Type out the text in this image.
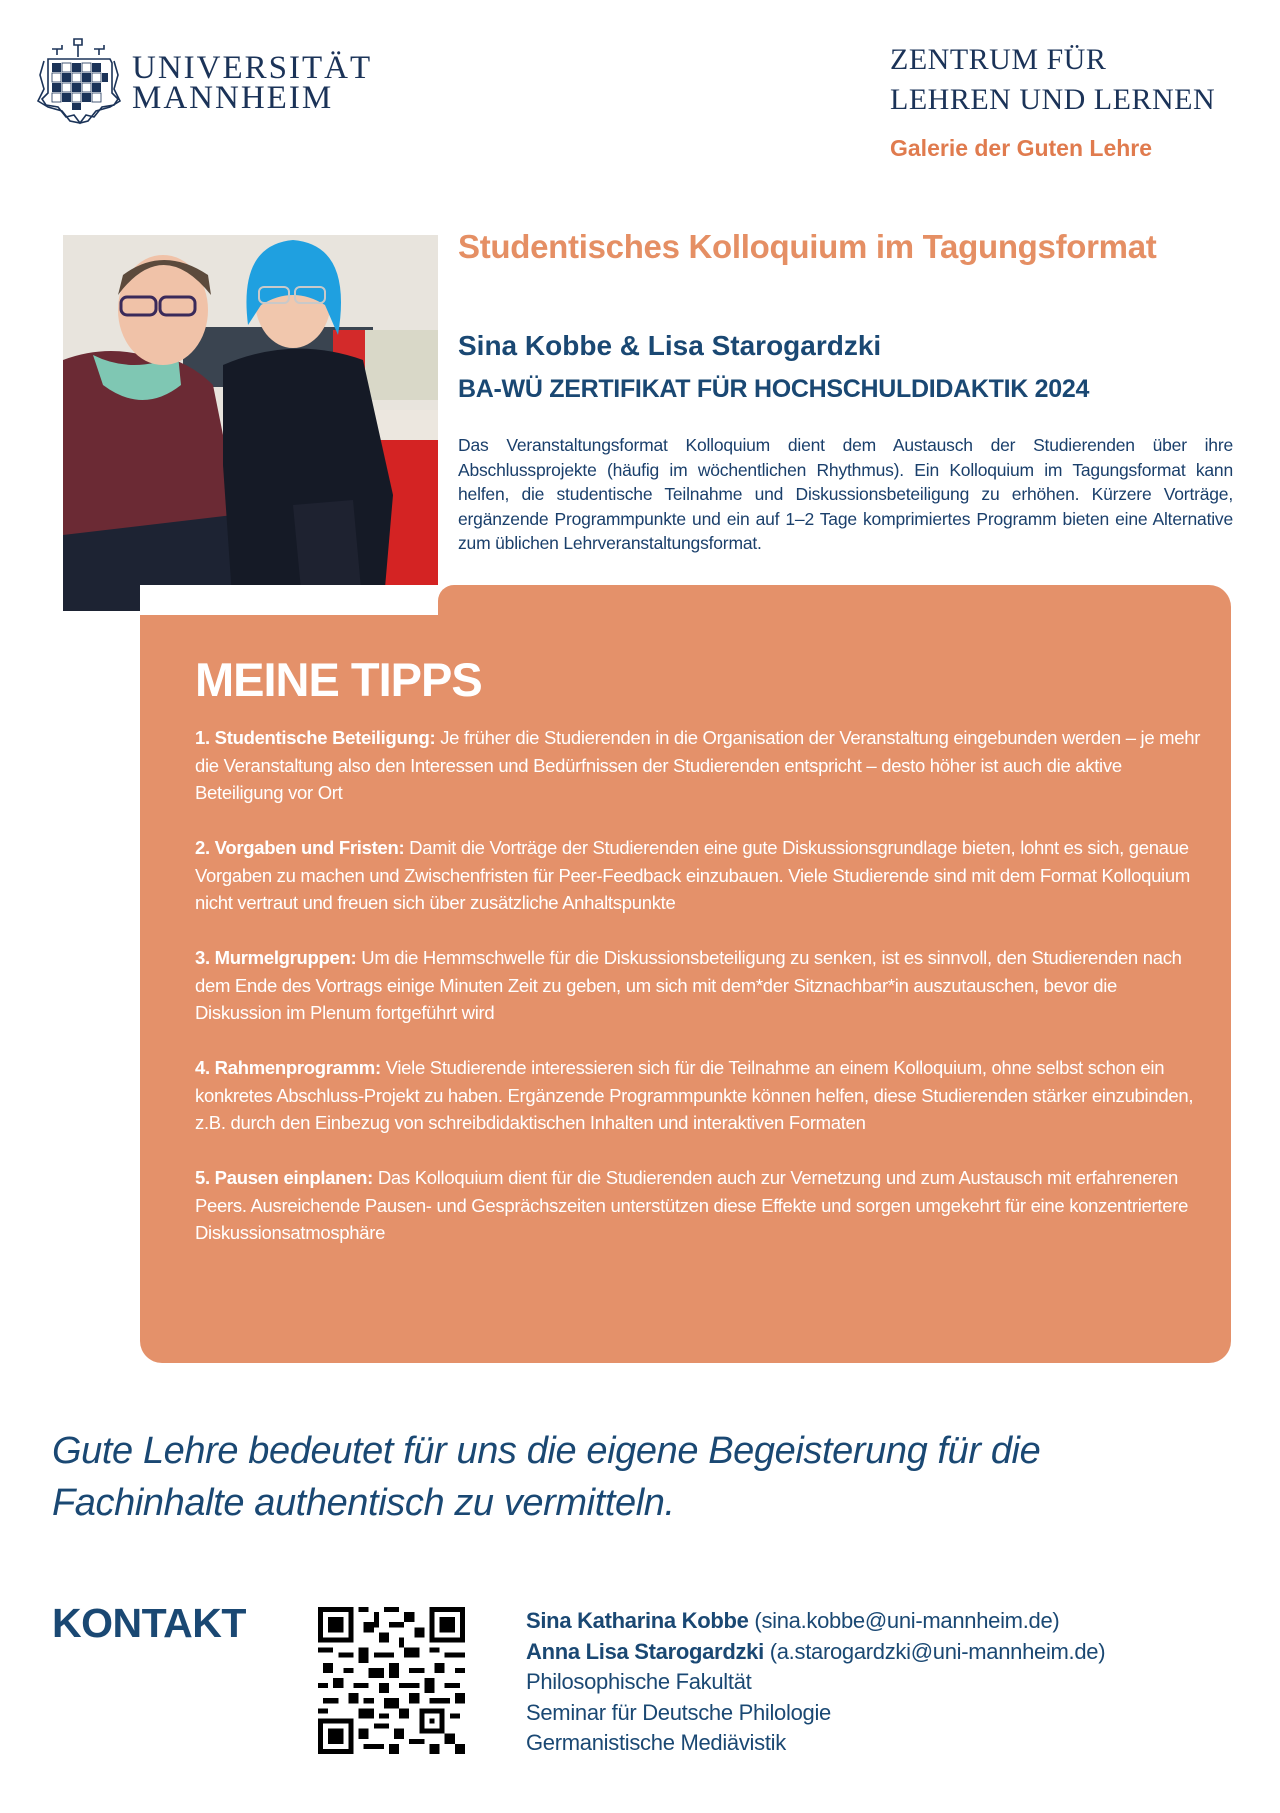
UNIVERSITÄT
MANNHEIM
ZENTRUM FÜR
LEHREN UND LERNEN
Galerie der Guten Lehre
Studentisches Kolloquium im Tagungsformat
Sina Kobbe & Lisa Starogardzki
BA-WÜ ZERTIFIKAT FÜR HOCHSCHULDIDAKTIK 2024

Das Veranstaltungsformat Kolloquium dient dem Austausch der Studierenden über ihre Abschlussprojekte (häufig im wöchentlichen Rhythmus). Ein Kolloquium im Tagungsformat kann helfen, die studentische Teilnahme und Diskussionsbeteiligung zu erhöhen. Kürzere Vorträge, ergänzende Programmpunkte und ein auf 1–2 Tage komprimiertes Programm bieten eine Alternative zum üblichen Lehrveranstaltungsformat.

MEINE TIPPS

1. Studentische Beteiligung: Je früher die Studierenden in die Organisation der Veranstaltung eingebunden werden – je mehr die Veranstaltung also den Interessen und Bedürfnissen der Studierenden entspricht – desto höher ist auch die aktive Beteiligung vor Ort

2. Vorgaben und Fristen: Damit die Vorträge der Studierenden eine gute Diskussionsgrundlage bieten, lohnt es sich, genaue Vorgaben zu machen und Zwischenfristen für Peer-Feedback einzubauen. Viele Studierende sind mit dem Format Kolloquium nicht vertraut und freuen sich über zusätzliche Anhaltspunkte

3. Murmelgruppen: Um die Hemmschwelle für die Diskussionsbeteiligung zu senken, ist es sinnvoll, den Studierenden nach dem Ende des Vortrags einige Minuten Zeit zu geben, um sich mit dem*der Sitznachbar*in auszutauschen, bevor die Diskussion im Plenum fortgeführt wird

4. Rahmenprogramm: Viele Studierende interessieren sich für die Teilnahme an einem Kolloquium, ohne selbst schon ein konkretes Abschluss-Projekt zu haben. Ergänzende Programmpunkte können helfen, diese Studierenden stärker einzubinden, z.B. durch den Einbezug von schreibdidaktischen Inhalten und interaktiven Formaten

5. Pausen einplanen: Das Kolloquium dient für die Studierenden auch zur Vernetzung und zum Austausch mit erfahreneren Peers. Ausreichende Pausen- und Gesprächszeiten unterstützen diese Effekte und sorgen umgekehrt für eine konzentriertere Diskussionsatmosphäre

Gute Lehre bedeutet für uns die eigene Begeisterung für die Fachinhalte authentisch zu vermitteln.

KONTAKT	Sina Katharina Kobbe (sina.kobbe@uni-mannheim.de)
Anna Lisa Starogardzki (a.starogardzki@uni-mannheim.de)
Philosophische Fakultät
Seminar für Deutsche Philologie
Germanistische Mediävistik
